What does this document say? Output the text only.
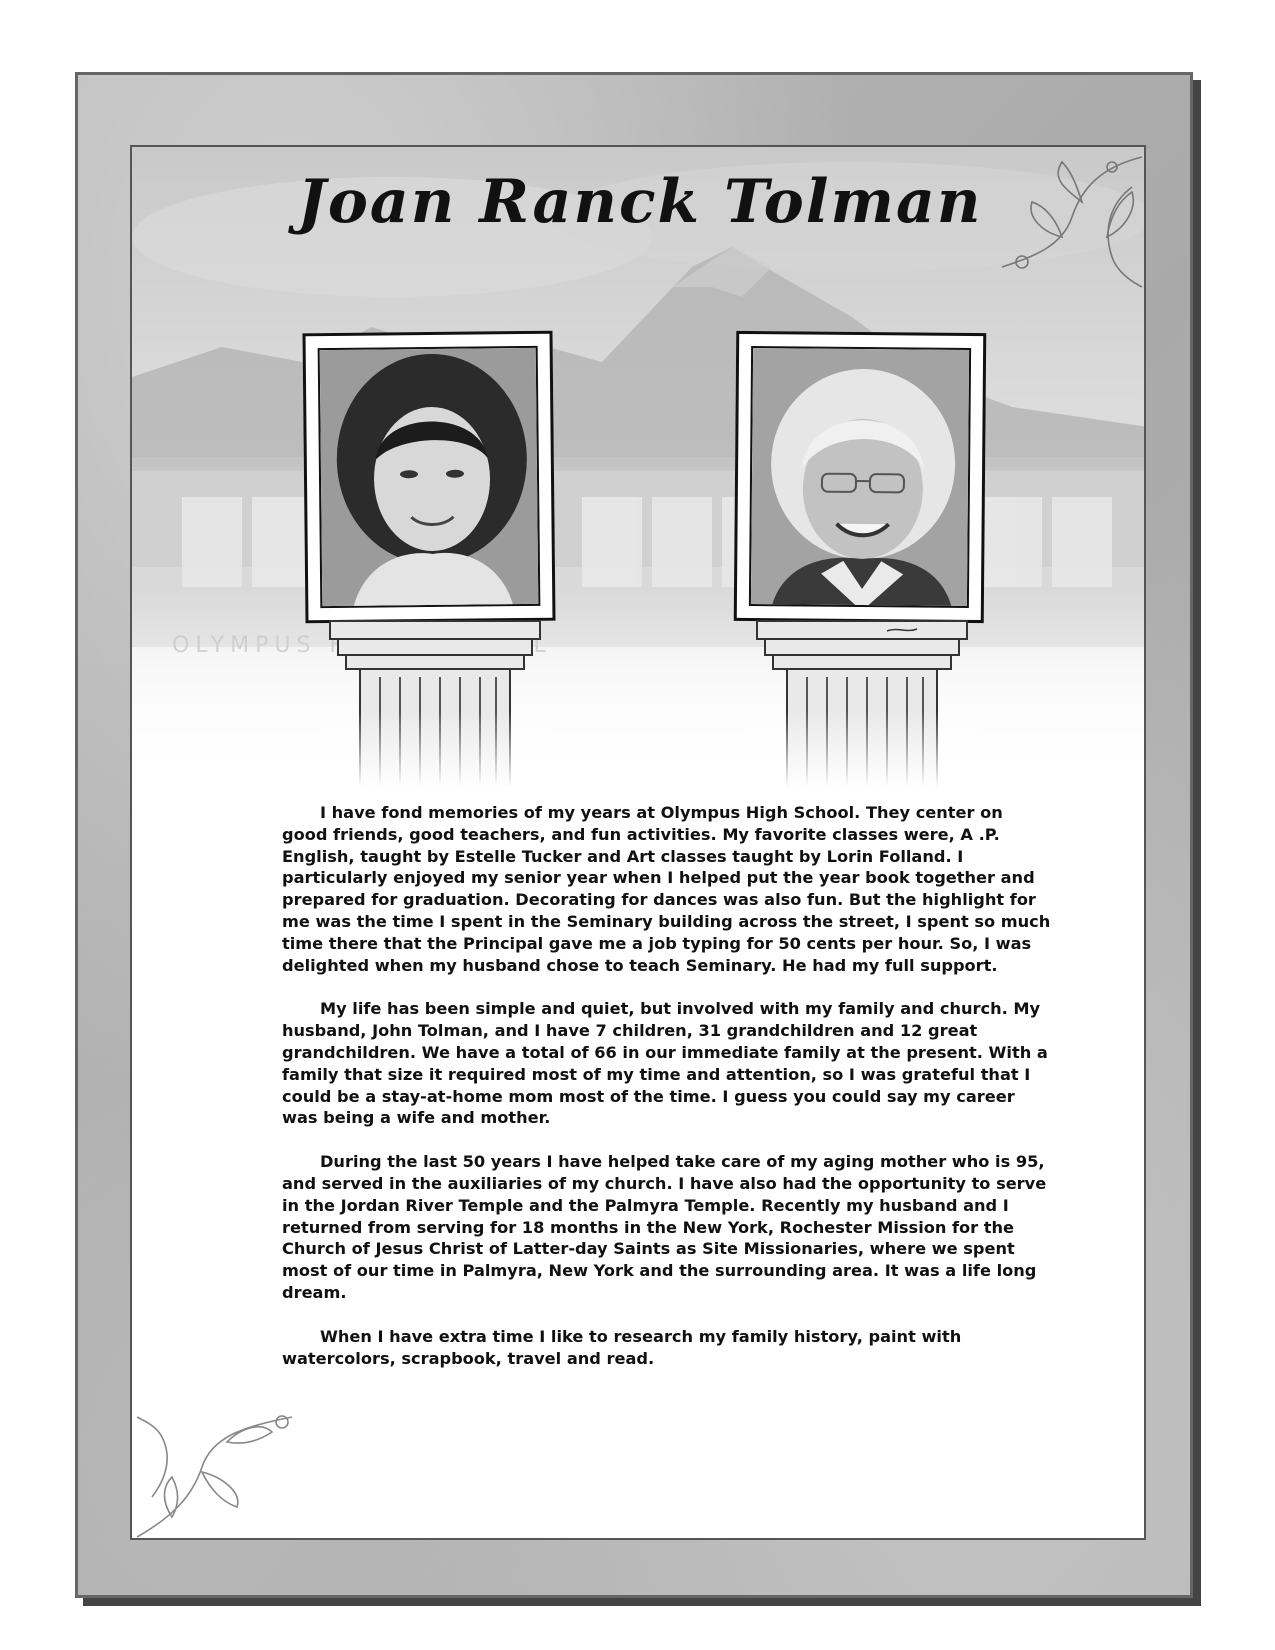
Joan Ranck Tolman

I have fond memories of my years at Olympus High School. They center on good friends, good teachers, and fun activities. My favorite classes were, A .P. English, taught by Estelle Tucker and Art classes taught by Lorin Folland. I particularly enjoyed my senior year when I helped put the year book together and prepared for graduation. Decorating for dances was also fun. But the highlight for me was the time I spent in the Seminary building across the street, I spent so much time there that the Principal gave me a job typing for 50 cents per hour. So, I was delighted when my husband chose to teach Seminary. He had my full support.

My life has been simple and quiet, but involved with my family and church. My husband, John Tolman, and I have 7 children, 31 grandchildren and 12 great grandchildren. We have a total of 66 in our immediate family at the present. With a family that size it required most of my time and attention, so I was grateful that I could be a stay-at-home mom most of the time. I guess you could say my career was being a wife and mother.

During the last 50 years I have helped take care of my aging mother who is 95, and served in the auxiliaries of my church. I have also had the opportunity to serve in the Jordan River Temple and the Palmyra Temple. Recently my husband and I returned from serving for 18 months in the New York, Rochester Mission for the Church of Jesus Christ of Latter-day Saints as Site Missionaries, where we spent most of our time in Palmyra, New York and the surrounding area. It was a life long dream.

When I have extra time I like to research my family history, paint with watercolors, scrapbook, travel and read.
